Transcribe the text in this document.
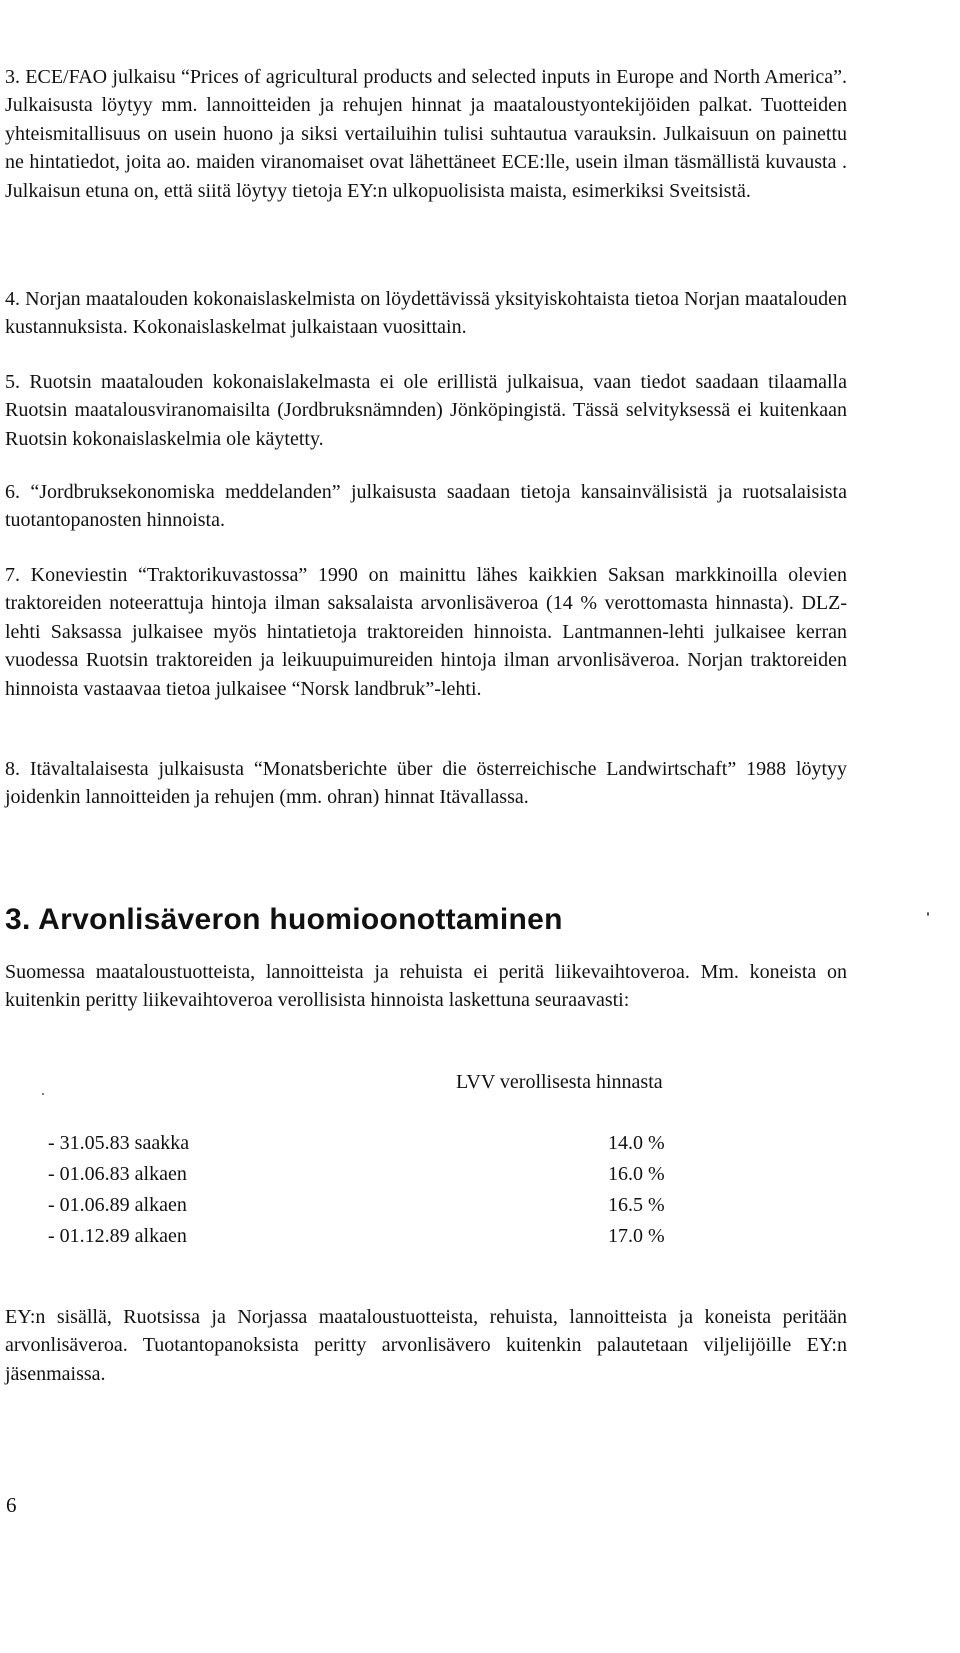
3. ECE/FAO julkaisu “Prices of agricultural products and selected inputs in Europe and North America”. Julkaisusta löytyy mm. lannoitteiden ja rehujen hinnat ja maataloustyontekijöiden palkat. Tuotteiden yhteismitallisuus on usein huono ja siksi vertailuihin tulisi suhtautua varauksin. Julkaisuun on painettu ne hintatiedot, joita ao. maiden viranomaiset ovat lähettäneet ECE:lle, usein ilman täsmällistä kuvausta . Julkaisun etuna on, että siitä löytyy tietoja EY:n ulkopuolisista maista, esimerkiksi Sveitsistä.

4. Norjan maatalouden kokonaislaskelmista on löydettävissä yksityiskohtaista tietoa Norjan maatalouden kustannuksista. Kokonaislaskelmat julkaistaan vuosittain.

5. Ruotsin maatalouden kokonaislakelmasta ei ole erillistä julkaisua, vaan tiedot saadaan tilaamalla Ruotsin maatalousviranomaisilta (Jordbruksnämnden) Jönköpingistä. Tässä selvityksessä ei kuitenkaan Ruotsin kokonaislaskelmia ole käytetty.

6. “Jordbruksekonomiska meddelanden” julkaisusta saadaan tietoja kansainvälisistä ja ruotsalaisista tuotantopanosten hinnoista.

7. Koneviestin “Traktorikuvastossa” 1990 on mainittu lähes kaikkien Saksan markkinoilla olevien traktoreiden noteerattuja hintoja ilman saksalaista arvonlisäveroa (14 % verottomasta hinnasta). DLZ-lehti Saksassa julkaisee myös hintatietoja traktoreiden hinnoista. Lantmannen-lehti julkaisee kerran vuodessa Ruotsin traktoreiden ja leikuupuimureiden hintoja ilman arvonlisäveroa. Norjan traktoreiden hinnoista vastaavaa tietoa julkaisee “Norsk landbruk”-lehti.

8. Itävaltalaisesta julkaisusta “Monatsberichte über die österreichische Landwirtschaft” 1988 löytyy joidenkin lannoitteiden ja rehujen (mm. ohran) hinnat Itävallassa.

3. Arvonlisäveron huomioonottaminen

Suomessa maataloustuotteista, lannoitteista ja rehuista ei peritä liikevaihtoveroa. Mm. koneista on kuitenkin peritty liikevaihtoveroa verollisista hinnoista laskettuna seuraavasti:

LVV verollisesta hinnasta

- 31.05.83 saakka	14.0 %
- 01.06.83 alkaen	16.0 %
- 01.06.89 alkaen	16.5 %
- 01.12.89 alkaen	17.0 %

EY:n sisällä, Ruotsissa ja Norjassa maataloustuotteista, rehuista, lannoitteista ja koneista peritään arvonlisäveroa. Tuotantopanoksista peritty arvonlisävero kuitenkin palautetaan viljelijöille EY:n jäsenmaissa.

6
